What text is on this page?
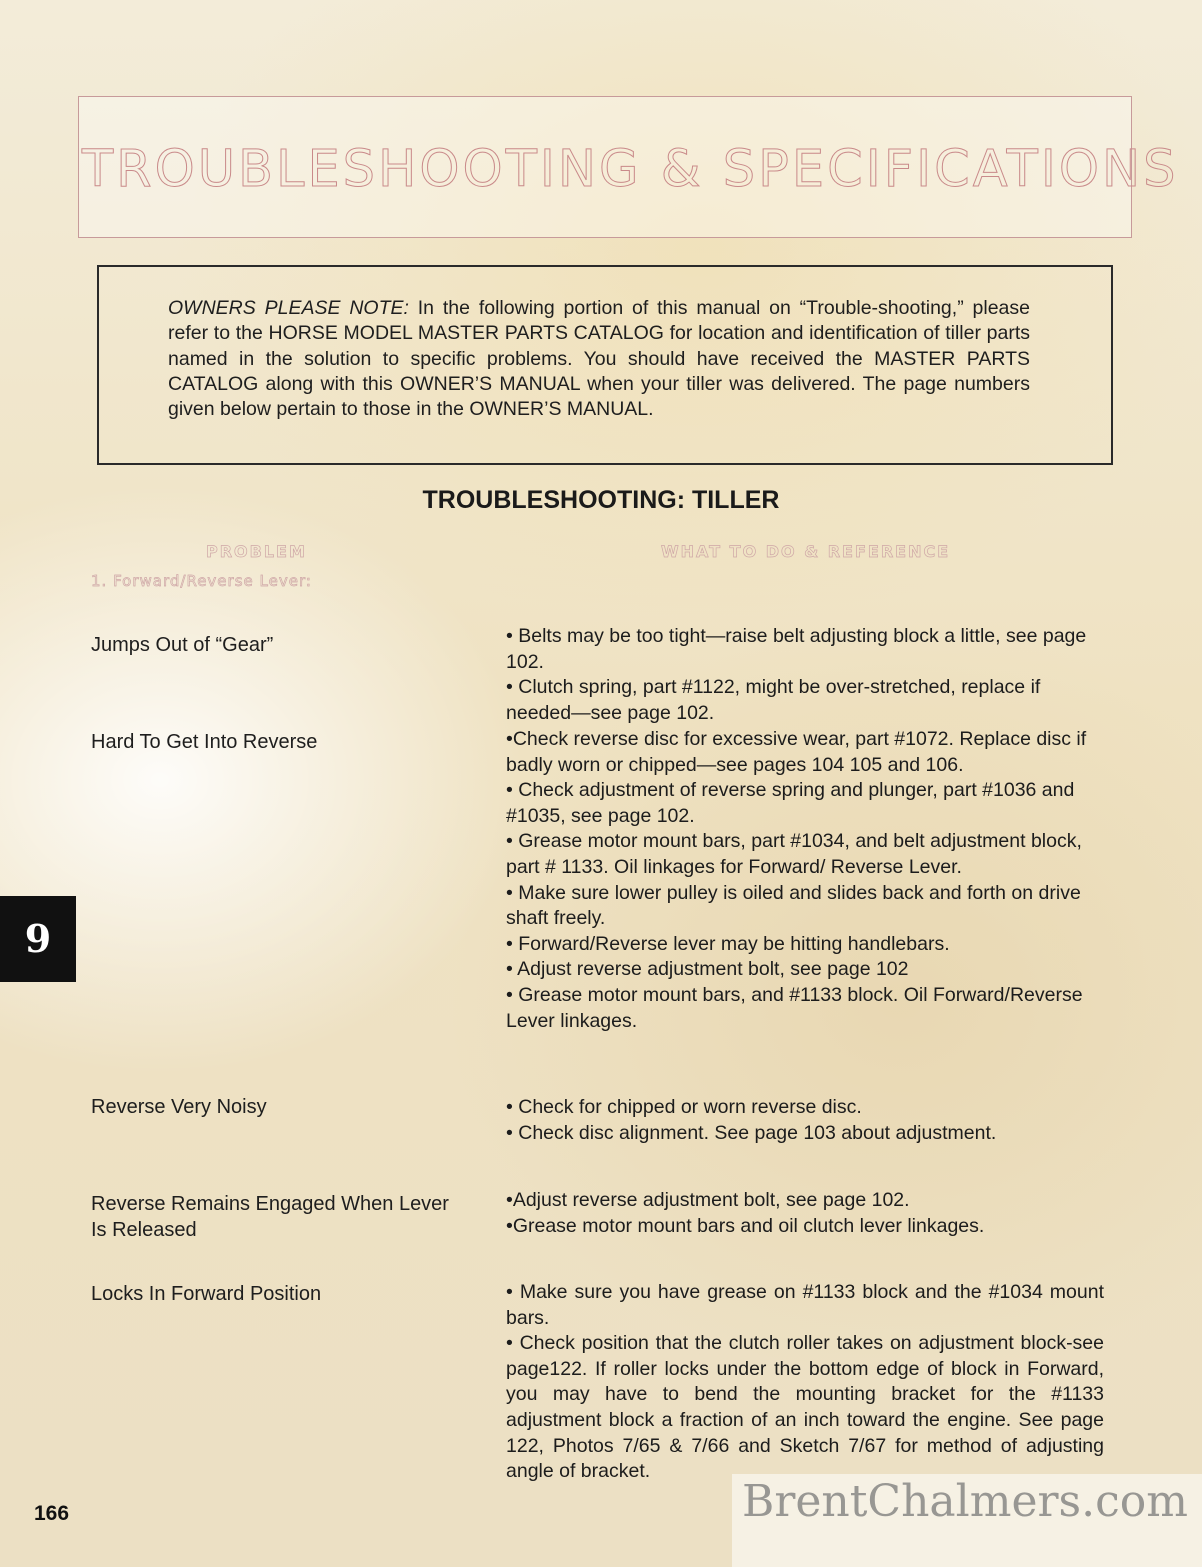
TROUBLESHOOTING & SPECIFICATIONS
OWNERS PLEASE NOTE: In the following portion of this manual on “Trouble-shooting,” please refer to the HORSE MODEL MASTER PARTS CATALOG for location and identification of tiller parts named in the solution to specific problems. You should have received the MASTER PARTS CATALOG along with this OWNER’S MANUAL when your tiller was delivered. The page numbers given below pertain to those in the OWNER’S MANUAL.
TROUBLESHOOTING: TILLER
PROBLEM	WHAT TO DO & REFERENCE
1. Forward/Reverse Lever:
Jumps Out of “Gear”
Hard To Get Into Reverse
Reverse Very Noisy
Reverse Remains Engaged When Lever Is Released
Locks In Forward Position

• Belts may be too tight—raise belt adjusting block a little, see page 102.

• Clutch spring, part #1122, might be over-stretched, replace if needed—see page 102.

•Check reverse disc for excessive wear, part #1072. Replace disc if badly worn or chipped—see pages 104 105 and 106.

• Check adjustment of reverse spring and plunger, part #1036 and #1035, see page 102.

• Grease motor mount bars, part #1034, and belt adjustment block, part # 1133. Oil linkages for Forward/ Reverse Lever.

• Make sure lower pulley is oiled and slides back and forth on drive shaft freely.

• Forward/Reverse lever may be hitting handlebars.

• Adjust reverse adjustment bolt, see page 102

• Grease motor mount bars, and #1133 block. Oil Forward/Reverse Lever linkages.

• Check for chipped or worn reverse disc.

• Check disc alignment. See page 103 about adjustment.

•Adjust reverse adjustment bolt, see page 102.

•Grease motor mount bars and oil clutch lever linkages.

• Make sure you have grease on #1133 block and the #1034 mount bars.

• Check position that the clutch roller takes on adjustment block-see page122. If roller locks under the bottom edge of block in Forward, you may have to bend the mounting bracket for the #1133 adjustment block a fraction of an inch toward the engine. See page 122, Photos 7/65 & 7/66 and Sketch 7/67 for method of adjusting angle of bracket.

9
166	BrentChalmers.com
